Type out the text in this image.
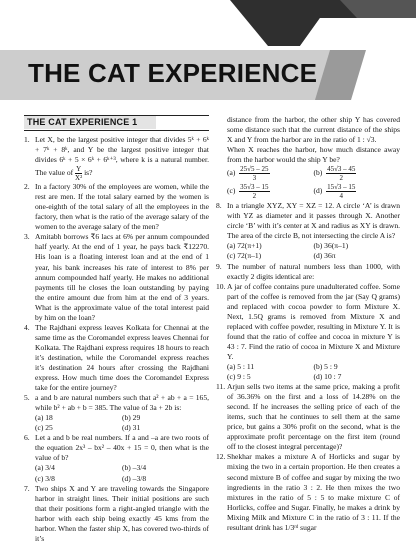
THE CAT EXPERIENCE
THE CAT EXPERIENCE 1
1. Let X, be the largest positive integer that divides 5ᵏ + 6ᵏ + 7ᵏ + 8ᵏ, and Y be the largest positive integer that divides 6ᵏ + 5 × 6ᵏ + 6ᵏ⁺³, where k is a natural number. The value of $\frac{Y}{\text{X²}}$ is?
2. In a factory 30% of the employees are women, while the rest are men. If the total salary earned by the women is one-eighth of the total salary of all the employees in the factory, then what is the ratio of the average salary of the women to the average salary of the men?
3. Amitabh borrows ₹6 lacs at 6% per annum compounded half yearly. At the end of 1 year, he pays back ₹12270. His loan is a floating interest loan and at the end of 1 year, his bank increases his rate of interest to 8% per annum compounded half yearly. He makes no additional payments till he closes the loan outstanding by paying the entire amount due from him at the end of 3 years. What is the approximate value of the total interest paid by him on the loan?
4. The Rajdhani express leaves Kolkata for Chennai at the same time as the Coromandel express leaves Chennai for Kolkata. The Rajdhani express requires 18 hours to reach it’s destination, while the Coromandel express reaches it’s destination 24 hours after crossing the Rajdhani express. How much time does the Coromandel Express take for the entire journey?
5. a and b are natural numbers such that a² + ab + a = 165, while b² + ab + b = 385. The value of 3a + 2b is:
(a) 18	(b) 29
(c) 25	(d) 31
6. Let a and b be real numbers. If a and –a are two roots of the equation 2x³ – bx² – 40x + 15 = 0, then what is the value of b?
(a) 3/4	(b) –3/4
(c) 3/8	(d) –3/8
7. Two ships X and Y are traveling towards the Singapore harbor in straight lines. Their initial positions are such that their positions form a right-angled triangle with the harbor with each ship being exactly 45 kms from the harbor. When the faster ship X, has covered two-thirds of it’s
distance from the harbor, the other ship Y has covered some distance such that the current distance of the ships X and Y from the harbor are in the ratio of 1 : √3.
When X reaches the harbor, how much distance away from the harbor would the ship Y be?
$(a) \frac{25√5 - 25}{3}$	$(b) \frac{45√3 - 45}{2}$
$(c) \frac{35√3 - 15}{2}$	$(d) \frac{15√3 - 15}{4}$
8. In a triangle XYZ, XY = XZ = 12. A circle ‘A’ is drawn with YZ as diameter and it passes through X. Another circle ‘B’ with it’s center at X and radius as XY is drawn. The area of the circle B, not intersecting the circle A is?
(a) 72(π+1)	(b) 36(π–1)
(c) 72(π–1)	(d) 36π
9. The number of natural numbers less than 1000, with exactly 2 digits identical are:
10. A jar of coffee contains pure unadulterated coffee. Some part of the coffee is removed from the jar (Say Q grams) and replaced with cocoa powder to form Mixture X. Next, 1.5Q grams is removed from Mixture X and replaced with coffee powder, resulting in Mixture Y. It is found that the ratio of coffee and cocoa in mixture Y is 43 : 7. Find the ratio of cocoa in Mixture X and Mixture Y.
(a) 5 : 11	(b) 5 : 9
(c) 9 : 5	(d) 10 : 7
11. Arjun sells two items at the same price, making a profit of 36.36% on the first and a loss of 14.28% on the second. If he increases the selling price of each of the items, such that he continues to sell them at the same price, but gains a 30% profit on the second, what is the approximate profit percentage on the first item (round off to the closest integral percentage)?
12. Shekhar makes a mixture A of Horlicks and sugar by mixing the two in a certain proportion. He then creates a second mixture B of coffee and sugar by mixing the two ingredients in the ratio 3 : 2. He then mixes the two mixtures in the ratio of 5 : 5 to make mixture C of Horlicks, coffee and Sugar. Finally, he makes a drink by Mixing Milk and Mixture C in the ratio of 3 : 11. If the resultant drink has 1/3ʳᵈ sugar
